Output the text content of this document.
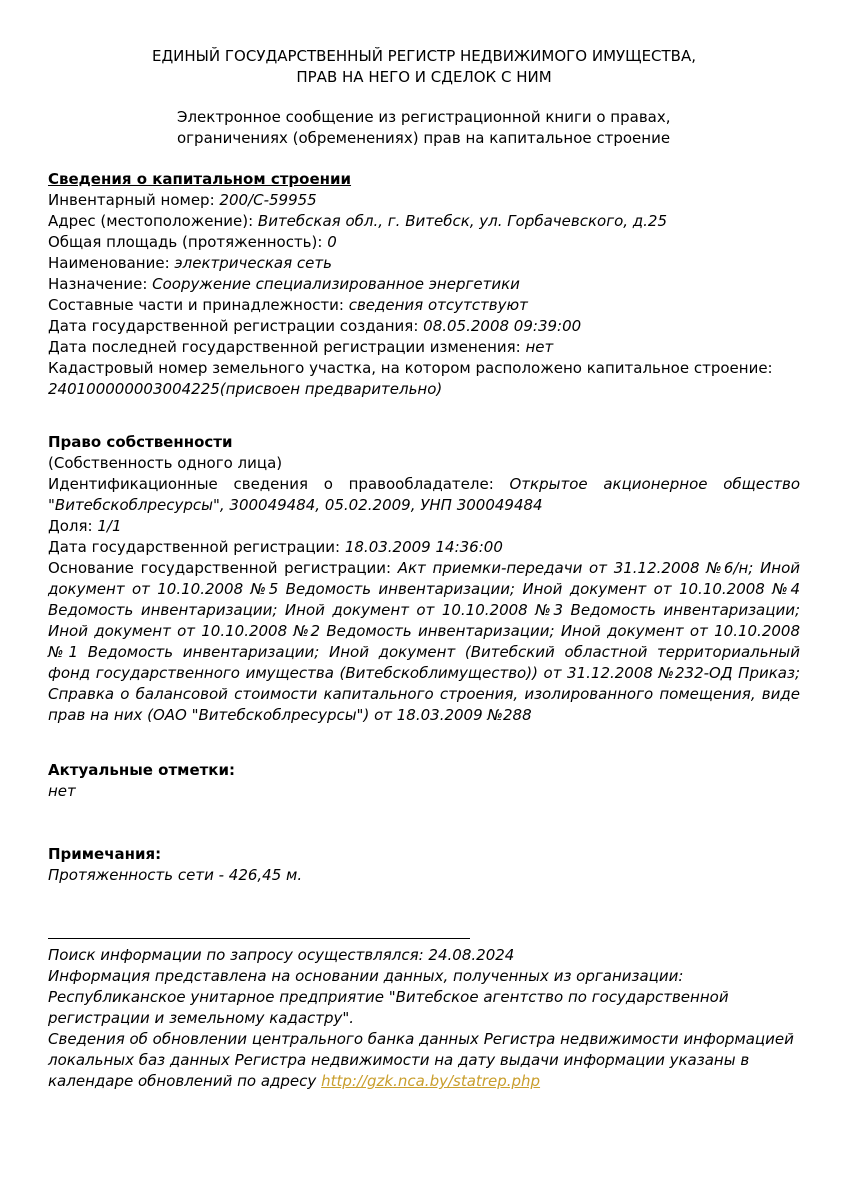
ЕДИНЫЙ ГОСУДАРСТВЕННЫЙ РЕГИСТР НЕДВИЖИМОГО ИМУЩЕСТВА,
ПРАВ НА НЕГО И СДЕЛОК С НИМ
Электронное сообщение из регистрационной книги о правах,
ограничениях (обременениях) прав на капитальное строение
Сведения о капитальном строении
Инвентарный номер: 200/С-59955
Адрес (местоположение): Витебская обл., г. Витебск, ул. Горбачевского, д.25
Общая площадь (протяженность): 0
Наименование: электрическая сеть
Назначение: Сооружение специализированное энергетики
Составные части и принадлежности: сведения отсутствуют
Дата государственной регистрации создания: 08.05.2008 09:39:00
Дата последней государственной регистрации изменения: нет
Кадастровый номер земельного участка, на котором расположено капитальное строение:
240100000003004225(присвоен предварительно)
Право собственности
(Собственность одного лица)
Идентификационные сведения о правообладателе: Открытое акционерное общество "Витебскоблресурсы", 300049484, 05.02.2009, УНП 300049484
Доля: 1/1
Дата государственной регистрации: 18.03.2009 14:36:00
Основание государственной регистрации: Акт приемки-передачи от 31.12.2008 №6/н; Иной документ от 10.10.2008 №5 Ведомость инвентаризации; Иной документ от 10.10.2008 №4 Ведомость инвентаризации; Иной документ от 10.10.2008 №3 Ведомость инвентаризации; Иной документ от 10.10.2008 №2 Ведомость инвентаризации; Иной документ от 10.10.2008 №1 Ведомость инвентаризации; Иной документ (Витебский областной территориальный фонд государственного имущества (Витебскоблимущество)) от 31.12.2008 №232-ОД Приказ; Справка о балансовой стоимости капитального строения, изолированного помещения, виде прав на них (ОАО "Витебскоблресурсы") от 18.03.2009 №288
Актуальные отметки:
нет
Примечания:
Протяженность сети - 426,45 м.
Поиск информации по запросу осуществлялся: 24.08.2024
Информация представлена на основании данных, полученных из организации:
Республиканское унитарное предприятие "Витебское агентство по государственной регистрации и земельному кадастру".
Сведения об обновлении центрального банка данных Регистра недвижимости информацией локальных баз данных Регистра недвижимости на дату выдачи информации указаны в календаре обновлений по адресу http://gzk.nca.by/statrep.php
